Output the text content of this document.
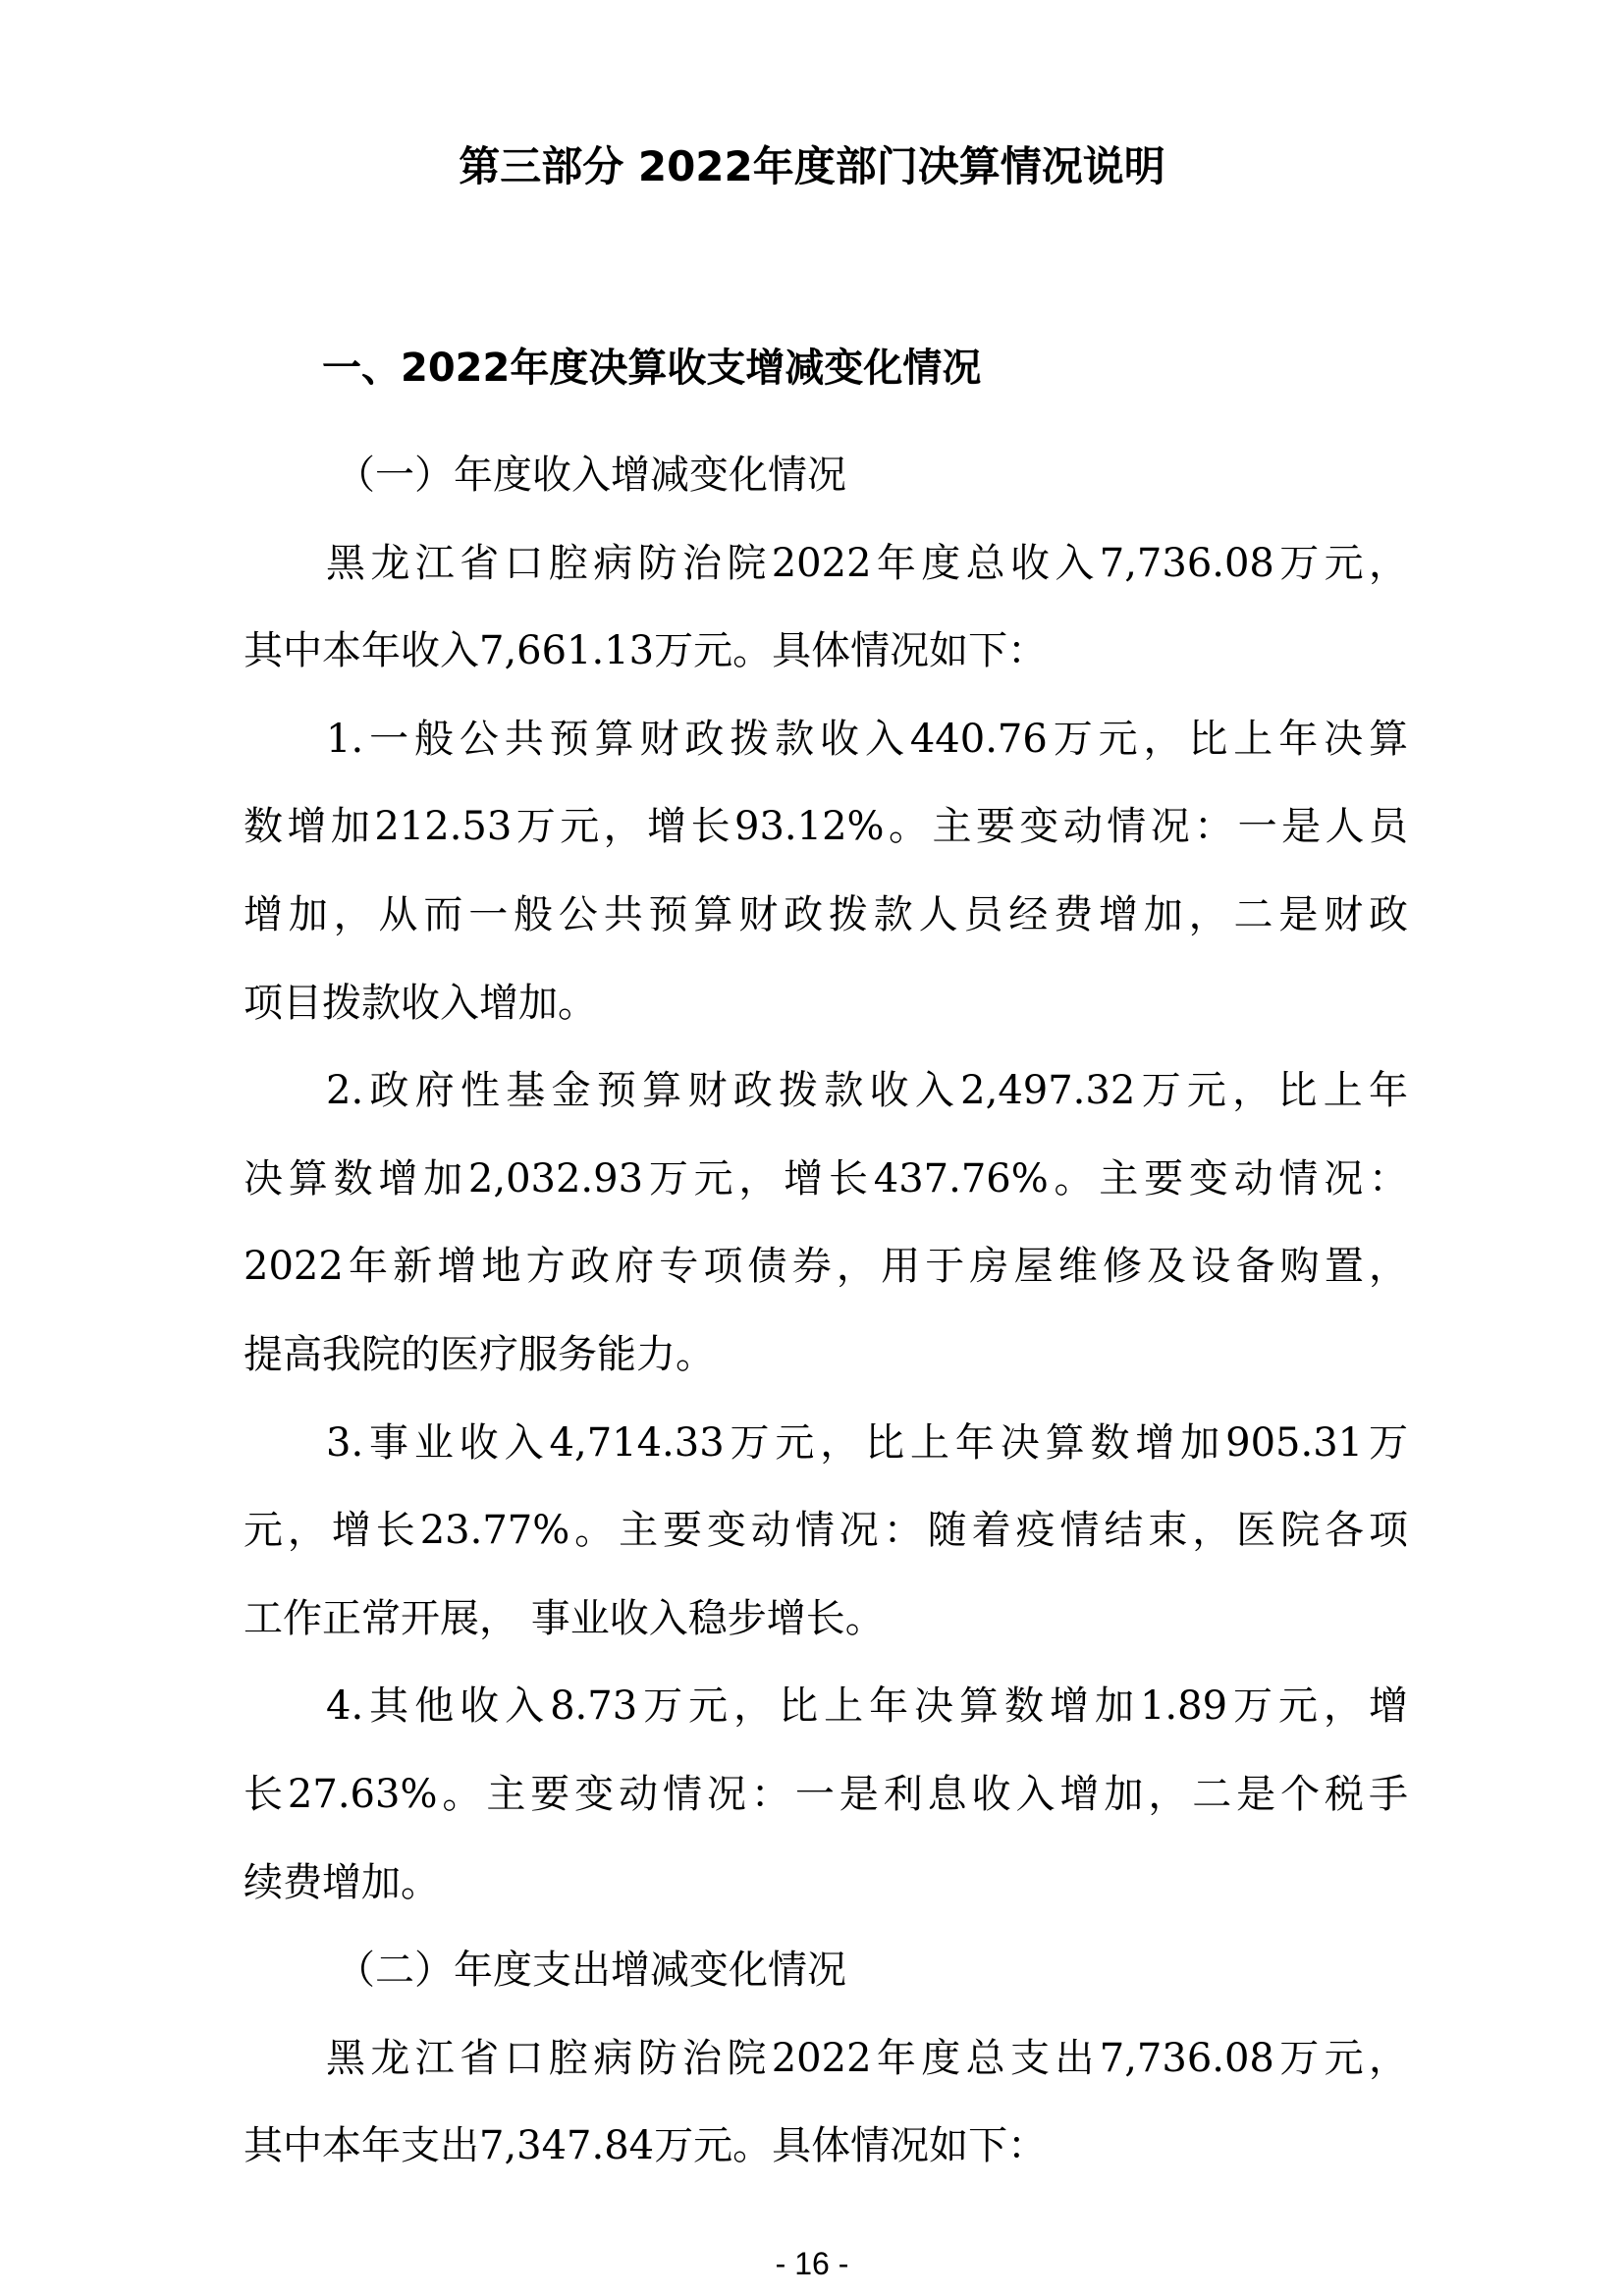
第三部分 2022年度部门决算情况说明
一、2022年度决算收支增减变化情况
（一）年度收入增减变化情况
黑龙江省口腔病防治院2022年度总收入7,736.08万元，
其中本年收入7,661.13万元。具体情况如下：
1.一般公共预算财政拨款收入440.76万元，比上年决算
数增加212.53万元，增长93.12%。主要变动情况：一是人员
增加，从而一般公共预算财政拨款人员经费增加，二是财政
项目拨款收入增加。
2.政府性基金预算财政拨款收入2,497.32万元，比上年
决算数增加2,032.93万元，增长437.76%。主要变动情况：
2022年新增地方政府专项债券，用于房屋维修及设备购置，
提高我院的医疗服务能力。
3.事业收入4,714.33万元，比上年决算数增加905.31万
元，增长23.77%。主要变动情况：随着疫情结束，医院各项
工作正常开展， 事业收入稳步增长。
4.其他收入8.73万元，比上年决算数增加1.89万元，增
长27.63%。主要变动情况：一是利息收入增加，二是个税手
续费增加。
（二）年度支出增减变化情况
黑龙江省口腔病防治院2022年度总支出7,736.08万元，
其中本年支出7,347.84万元。具体情况如下：
- 16 -
